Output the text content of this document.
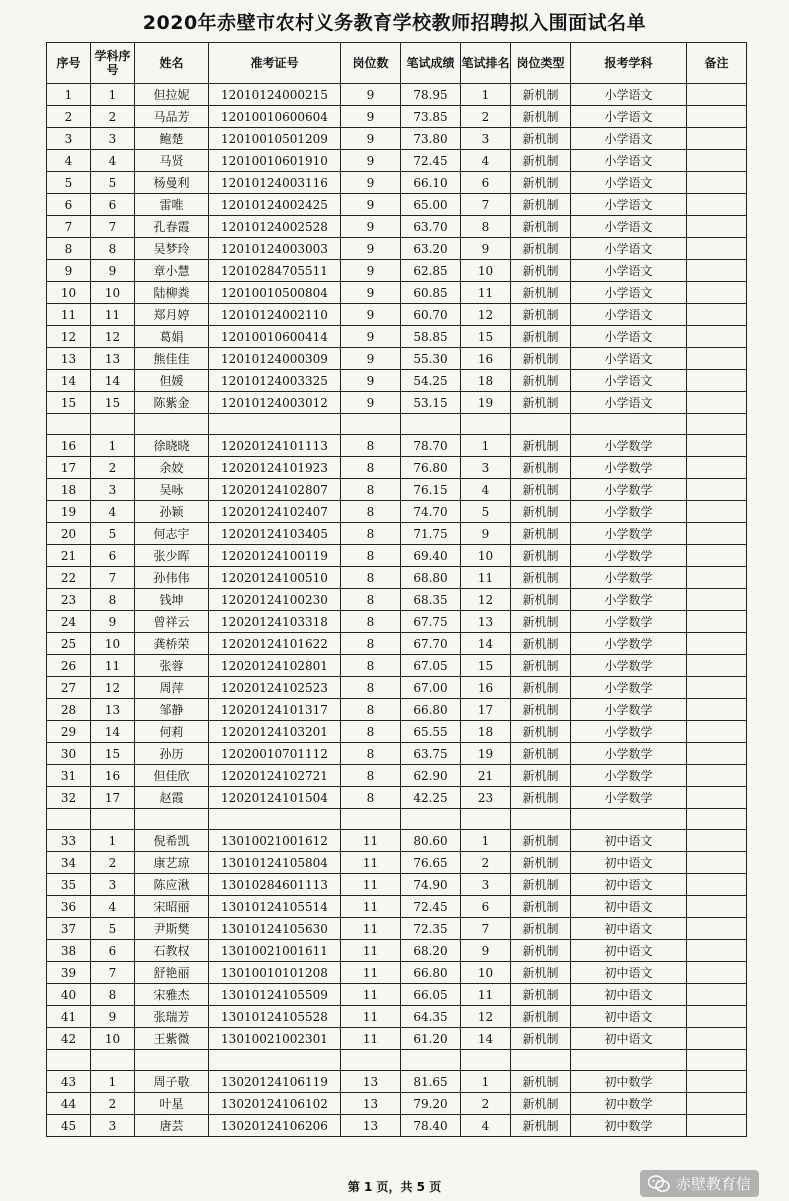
2020年赤壁市农村义务教育学校教师招聘拟入围面试名单
序号	学科序号	姓名	准考证号	岗位数	笔试成绩	笔试排名	岗位类型	报考学科	备注
1	1	但拉妮	12010124000215	9	78.95	1	新机制	小学语文	
2	2	马品芳	12010010600604	9	73.85	2	新机制	小学语文	
3	3	鲍楚	12010010501209	9	73.80	3	新机制	小学语文	
4	4	马贤	12010010601910	9	72.45	4	新机制	小学语文	
5	5	杨曼利	12010124003116	9	66.10	6	新机制	小学语文	
6	6	雷唯	12010124002425	9	65.00	7	新机制	小学语文	
7	7	孔春霞	12010124002528	9	63.70	8	新机制	小学语文	
8	8	吴梦玲	12010124003003	9	63.20	9	新机制	小学语文	
9	9	章小慧	12010284705511	9	62.85	10	新机制	小学语文	
10	10	陆柳粪	12010010500804	9	60.85	11	新机制	小学语文	
11	11	郑月婷	12010124002110	9	60.70	12	新机制	小学语文	
12	12	葛娟	12010010600414	9	58.85	15	新机制	小学语文	
13	13	熊佳佳	12010124000309	9	55.30	16	新机制	小学语文	
14	14	但媛	12010124003325	9	54.25	18	新机制	小学语文	
15	15	陈紫金	12010124003012	9	53.15	19	新机制	小学语文	

16	1	徐晓晓	12020124101113	8	78.70	1	新机制	小学数学	
17	2	余姣	12020124101923	8	76.80	3	新机制	小学数学	
18	3	吴咏	12020124102807	8	76.15	4	新机制	小学数学	
19	4	孙颖	12020124102407	8	74.70	5	新机制	小学数学	
20	5	何志宇	12020124103405	8	71.75	9	新机制	小学数学	
21	6	张少晖	12020124100119	8	69.40	10	新机制	小学数学	
22	7	孙伟伟	12020124100510	8	68.80	11	新机制	小学数学	
23	8	钱坤	12020124100230	8	68.35	12	新机制	小学数学	
24	9	曾祥云	12020124103318	8	67.75	13	新机制	小学数学	
25	10	龚桥荣	12020124101622	8	67.70	14	新机制	小学数学	
26	11	张蓉	12020124102801	8	67.05	15	新机制	小学数学	
27	12	周萍	12020124102523	8	67.00	16	新机制	小学数学	
28	13	邹静	12020124101317	8	66.80	17	新机制	小学数学	
29	14	何莉	12020124103201	8	65.55	18	新机制	小学数学	
30	15	孙历	12020010701112	8	63.75	19	新机制	小学数学	
31	16	但佳欣	12020124102721	8	62.90	21	新机制	小学数学	
32	17	赵霞	12020124101504	8	42.25	23	新机制	小学数学	

33	1	倪希凯	13010021001612	11	80.60	1	新机制	初中语文	
34	2	康艺琼	13010124105804	11	76.65	2	新机制	初中语文	
35	3	陈应湫	13010284601113	11	74.90	3	新机制	初中语文	
36	4	宋昭丽	13010124105514	11	72.45	6	新机制	初中语文	
37	5	尹斯樊	13010124105630	11	72.35	7	新机制	初中语文	
38	6	石教权	13010021001611	11	68.20	9	新机制	初中语文	
39	7	舒艳丽	13010010101208	11	66.80	10	新机制	初中语文	
40	8	宋雅杰	13010124105509	11	66.05	11	新机制	初中语文	
41	9	张瑞芳	13010124105528	11	64.35	12	新机制	初中语文	
42	10	王紫微	13010021002301	11	61.20	14	新机制	初中语文	

43	1	周子敬	13020124106119	13	81.65	1	新机制	初中数学	
44	2	叶星	13020124106102	13	79.20	2	新机制	初中数学	
45	3	唐芸	13020124106206	13	78.40	4	新机制	初中数学	
第 1 页，共 5 页	赤壁教育信
